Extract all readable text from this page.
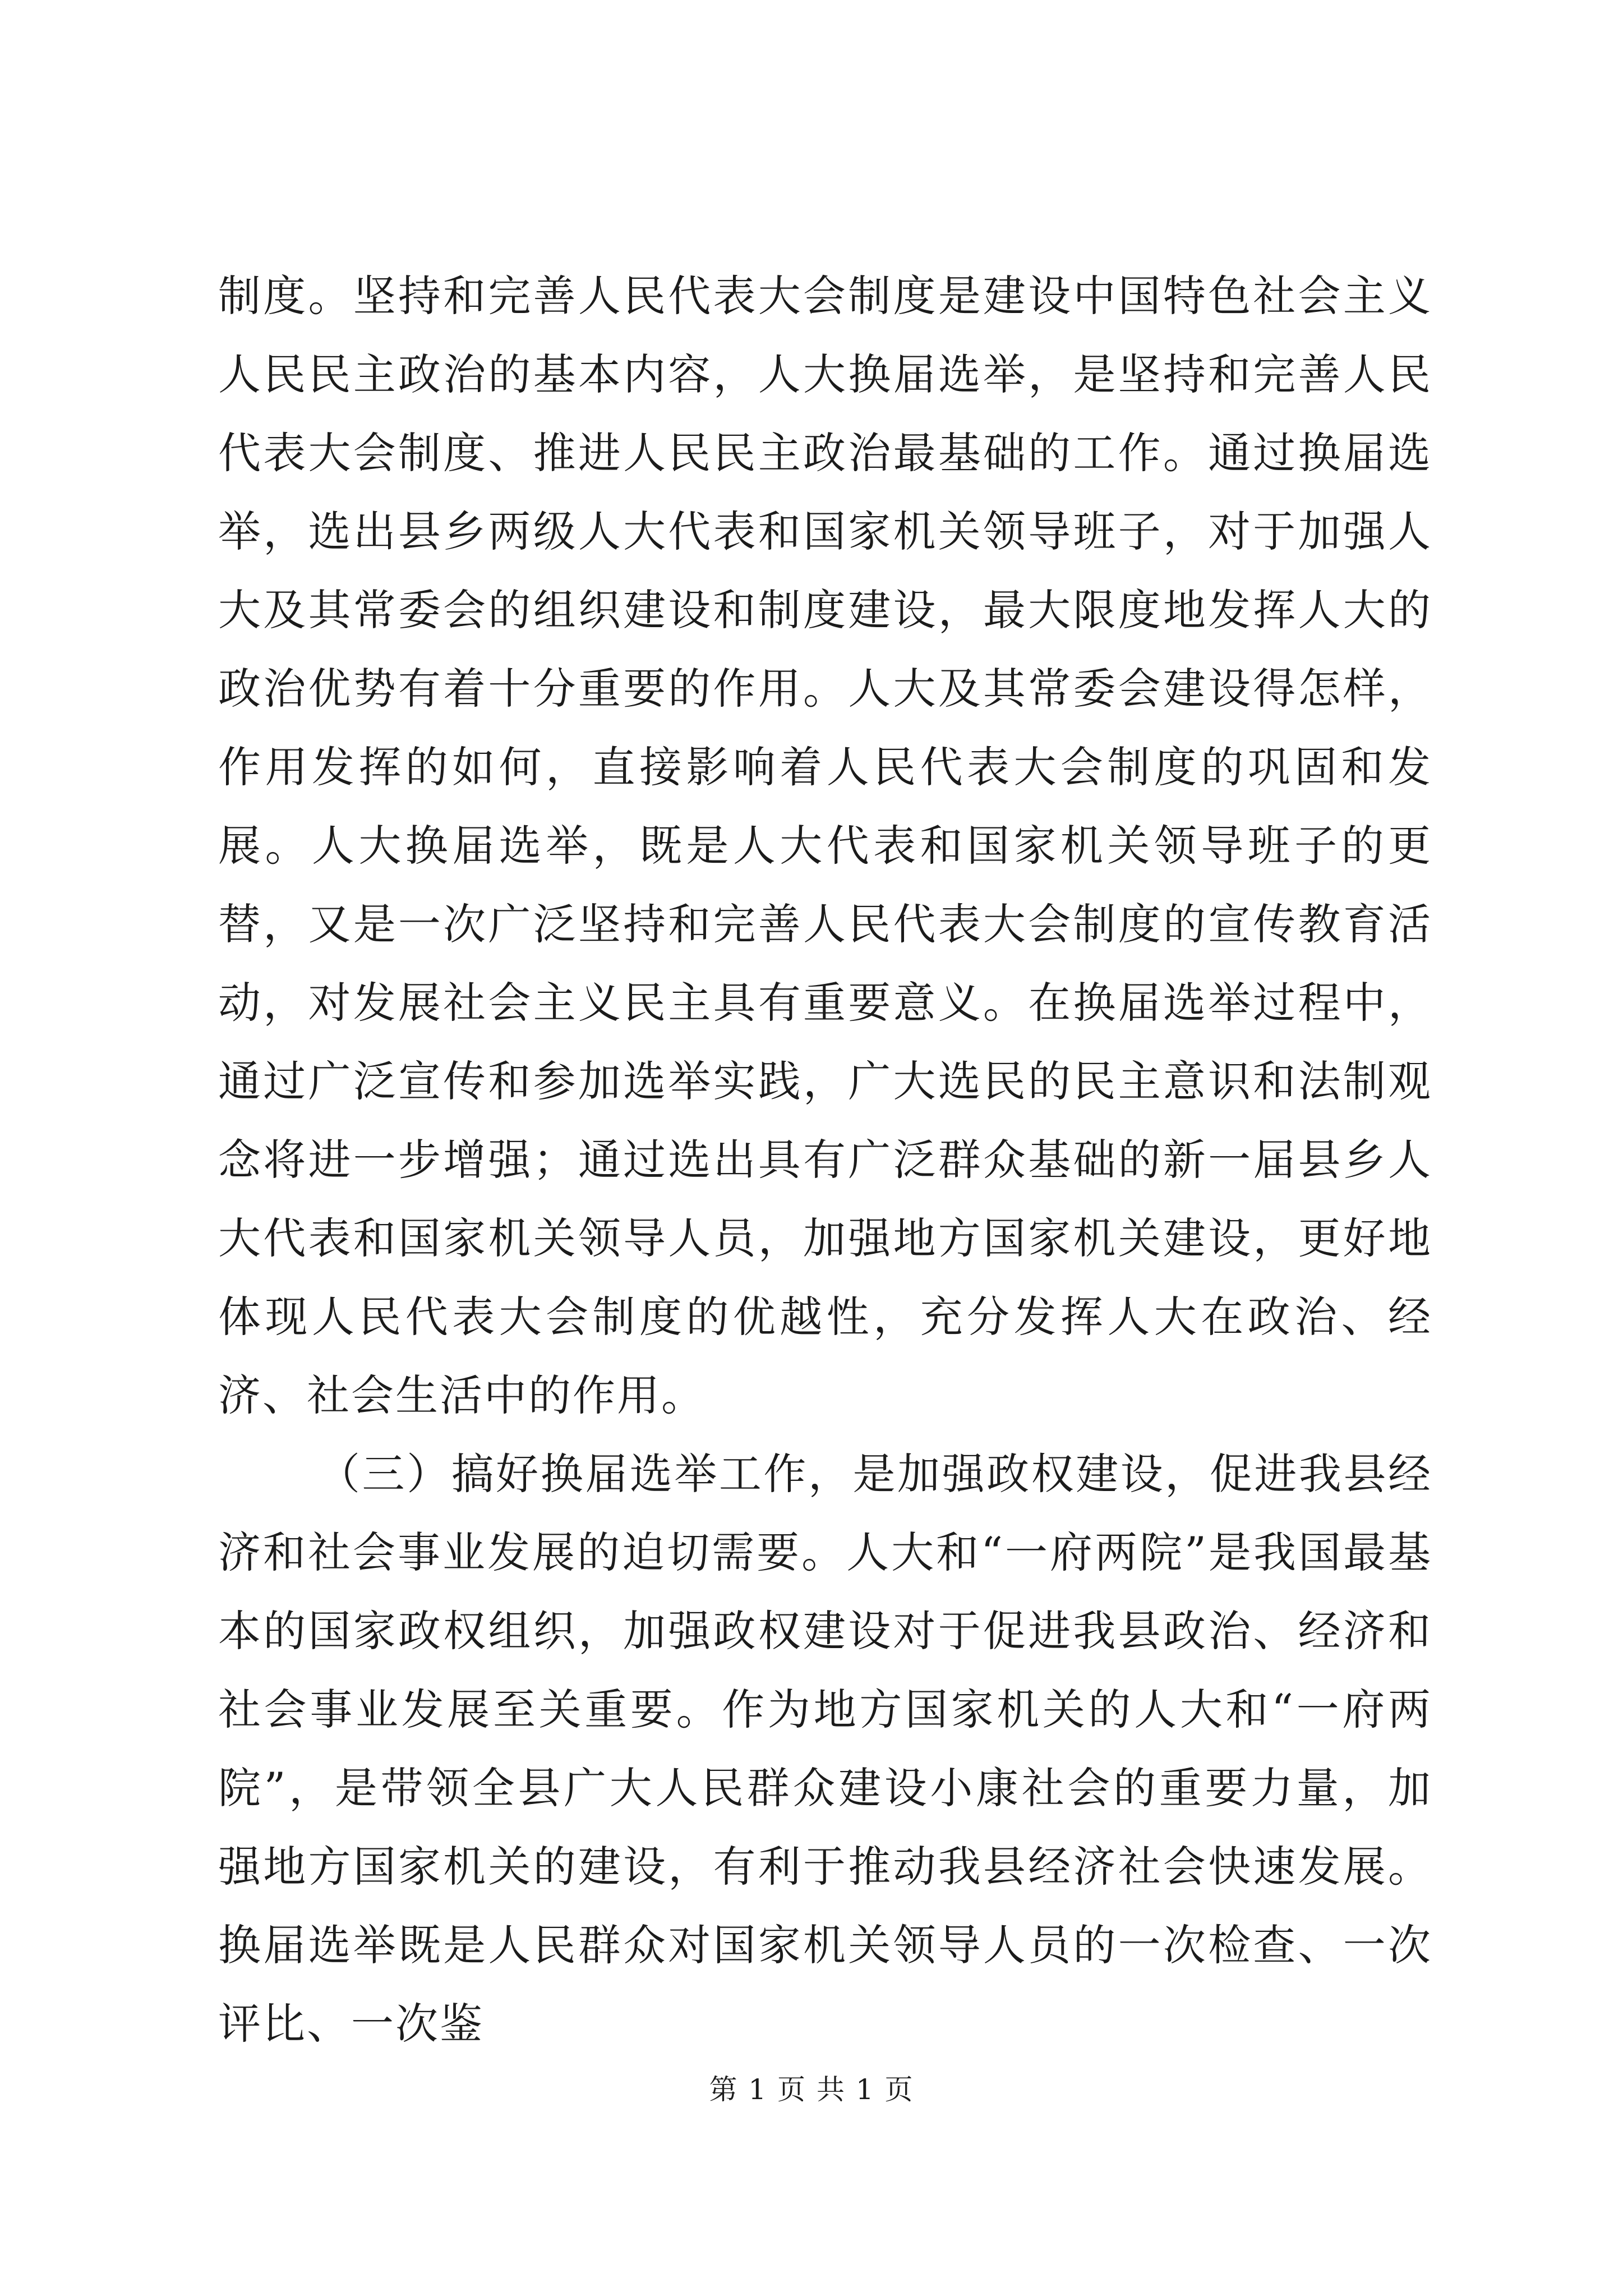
制度。坚持和完善人民代表大会制度是建设中国特色社会主义人民民主政治的基本内容，人大换届选举，是坚持和完善人民代表大会制度、推进人民民主政治最基础的工作。通过换届选举，选出县乡两级人大代表和国家机关领导班子，对于加强人大及其常委会的组织建设和制度建设，最大限度地发挥人大的政治优势有着十分重要的作用。人大及其常委会建设得怎样，作用发挥的如何，直接影响着人民代表大会制度的巩固和发展。人大换届选举，既是人大代表和国家机关领导班子的更替，又是一次广泛坚持和完善人民代表大会制度的宣传教育活动，对发展社会主义民主具有重要意义。在换届选举过程中，通过广泛宣传和参加选举实践，广大选民的民主意识和法制观念将进一步增强；通过选出具有广泛群众基础的新一届县乡人大代表和国家机关领导人员，加强地方国家机关建设，更好地体现人民代表大会制度的优越性，充分发挥人大在政治、经济、社会生活中的作用。

（三）搞好换届选举工作，是加强政权建设，促进我县经济和社会事业发展的迫切需要。人大和“一府两院”是我国最基本的国家政权组织，加强政权建设对于促进我县政治、经济和社会事业发展至关重要。作为地方国家机关的人大和“一府两院”，是带领全县广大人民群众建设小康社会的重要力量，加强地方国家机关的建设，有利于推动我县经济社会快速发展。换届选举既是人民群众对国家机关领导人员的一次检查、一次评比、一次鉴

第 1 页 共 1 页
